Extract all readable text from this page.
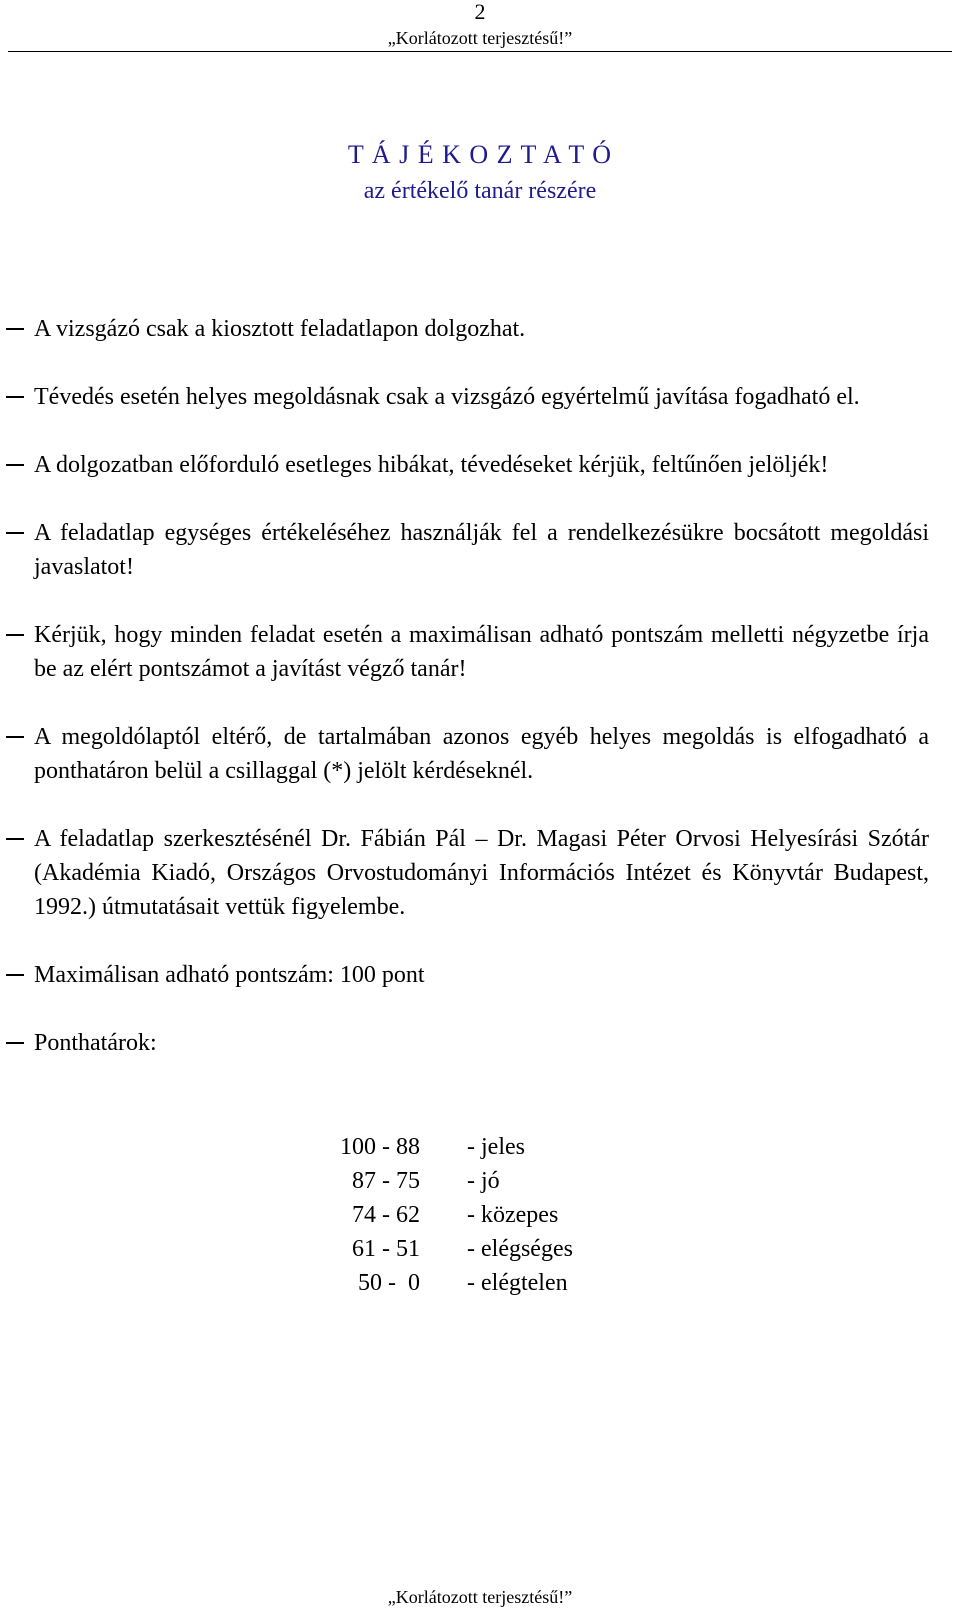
2
„Korlátozott terjesztésű!”
T Á J É K O Z T A T Ó
az értékelő tanár részére
A vizsgázó csak a kiosztott feladatlapon dolgozhat.
Tévedés esetén helyes megoldásnak csak a vizsgázó egyértelmű javítása fogadható el.
A dolgozatban előforduló esetleges hibákat, tévedéseket kérjük, feltűnően jelöljék!
A feladatlap egységes értékeléséhez használják fel a rendelkezésükre bocsátott megoldási javaslatot!
Kérjük, hogy minden feladat esetén a maximálisan adható pontszám melletti négyzetbe írja be az elért pontszámot a javítást végző tanár!
A megoldólaptól eltérő, de tartalmában azonos egyéb helyes megoldás is elfogadható a ponthatáron belül a csillaggal (*) jelölt kérdéseknél.
A feladatlap szerkesztésénél Dr. Fábián Pál – Dr. Magasi Péter Orvosi Helyesírási Szótár (Akadémia Kiadó, Országos Orvostudományi Információs Intézet és Könyvtár Budapest, 1992.) útmutatásait vettük figyelembe.
Maximálisan adható pontszám: 100 pont
Ponthatárok:
100 - 88	- jeles
87 - 75	- jó
74 - 62	- közepes
61 - 51	- elégséges
50 -  0	- elégtelen
„Korlátozott terjesztésű!”
